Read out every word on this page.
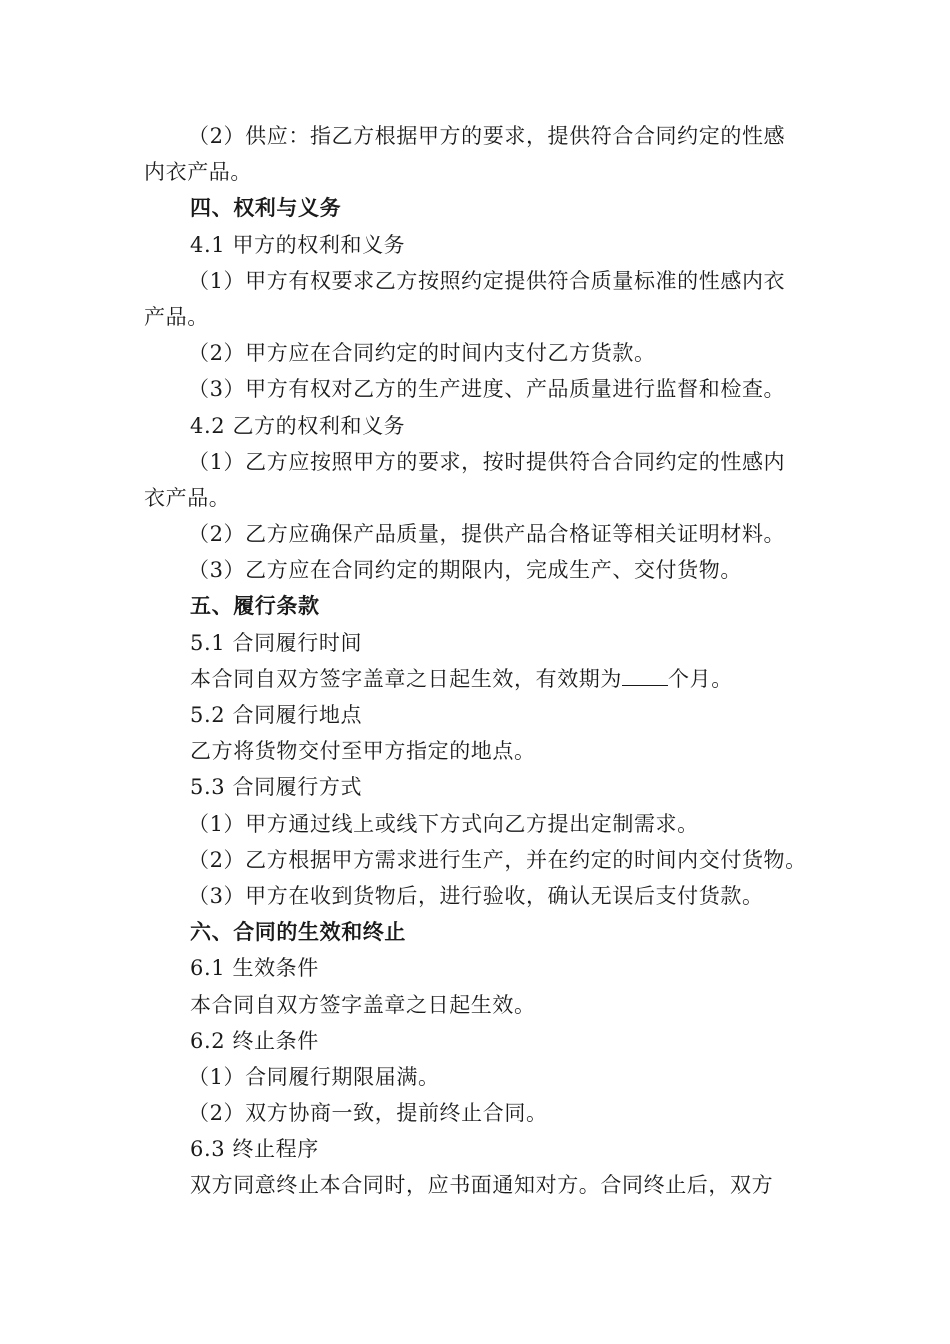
（2）供应：指乙方根据甲方的要求，提供符合合同约定的性感
内衣产品。
四、权利与义务
4.1 甲方的权利和义务
（1）甲方有权要求乙方按照约定提供符合质量标准的性感内衣
产品。
（2）甲方应在合同约定的时间内支付乙方货款。
（3）甲方有权对乙方的生产进度、产品质量进行监督和检查。
4.2 乙方的权利和义务
（1）乙方应按照甲方的要求，按时提供符合合同约定的性感内
衣产品。
（2）乙方应确保产品质量，提供产品合格证等相关证明材料。
（3）乙方应在合同约定的期限内，完成生产、交付货物。
五、履行条款
5.1 合同履行时间
本合同自双方签字盖章之日起生效，有效期为 个月。
5.2 合同履行地点
乙方将货物交付至甲方指定的地点。
5.3 合同履行方式
（1）甲方通过线上或线下方式向乙方提出定制需求。
（2）乙方根据甲方需求进行生产，并在约定的时间内交付货物。
（3）甲方在收到货物后，进行验收，确认无误后支付货款。
六、合同的生效和终止
6.1 生效条件
本合同自双方签字盖章之日起生效。
6.2 终止条件
（1）合同履行期限届满。
（2）双方协商一致，提前终止合同。
6.3 终止程序
双方同意终止本合同时，应书面通知对方。合同终止后，双方
